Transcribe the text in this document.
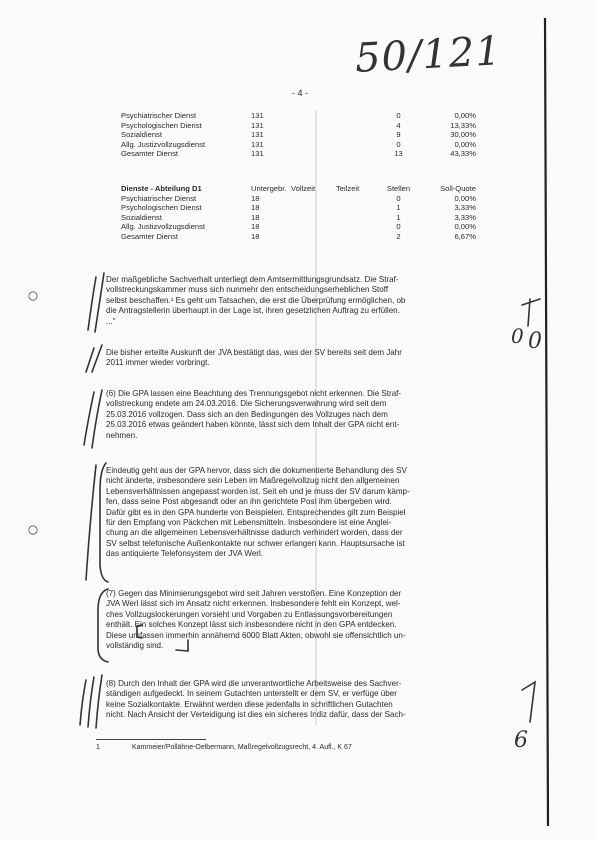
50/121
- 4 -
Psychiatrischer Dienst	131			0	0,00%
Psychologischen Dienst	131			4	13,33%
Sozialdienst	131			9	30,00%
Allg. Justizvollzugsdienst	131			0	0,00%
Gesamter Dienst	131			13	43,33%
Dienste - Abteilung D1	Untergebr.	Vollzeit	Teilzeit	Stellen	Soll-Quote
Psychiatrischer Dienst	18			0	0,00%
Psychologischen Dienst	18			1	3,33%
Sozialdienst	18			1	3,33%
Allg. Justizvollzugsdienst	18			0	0,00%
Gesamter Dienst	18			2	6,67%
Der maßgebliche Sachverhalt unterliegt dem Amtsermittlungsgrundsatz. Die Straf-
vollstreckungskammer muss sich nunmehr den entscheidungserheblichen Stoff
selbst beschaffen.¹ Es geht um Tatsachen, die erst die Überprüfung ermöglichen, ob
die Antragstellerin überhaupt in der Lage ist, ihren gesetzlichen Auftrag zu erfüllen.
..."
Die bisher erteilte Auskunft der JVA bestätigt das, was der SV bereits seit dem Jahr
2011 immer wieder vorbringt.
(6) Die GPA lassen eine Beachtung des Trennungsgebot nicht erkennen. Die Straf-
vollstreckung endete am 24.03.2016. Die Sicherungsverwahrung wird seit dem
25.03.2016 vollzogen. Dass sich an den Bedingungen des Vollzuges nach dem
25.03.2016 etwas geändert haben könnte, lässt sich dem Inhalt der GPA nicht ent-
nehmen.
Eindeutig geht aus der GPA hervor, dass sich die dokumentierte Behandlung des SV
nicht änderte, insbesondere sein Leben im Maßregelvollzug nicht den allgemeinen
Lebensverhältnissen angepasst worden ist. Seit eh und je muss der SV darum kämp-
fen, dass seine Post abgesandt oder an ihn gerichtete Post ihm übergeben wird.
Dafür gibt es in den GPA hunderte von Beispielen. Entsprechendes gilt zum Beispiel
für den Empfang von Päckchen mit Lebensmitteln. Insbesondere ist eine Anglei-
chung an die allgemeinen Lebensverhältnisse dadurch verhindert worden, dass der
SV selbst telefonische Außenkontakte nur schwer erlangen kann. Hauptsursache ist
das antiquierte Telefonsystem der JVA Werl.
(7) Gegen das Minimierungsgebot wird seit Jahren verstoßen. Eine Konzeption der
JVA Werl lässt sich im Ansatz nicht erkennen. Insbesondere fehlt ein Konzept, wel-
ches Vollzugslockerungen vorsieht und Vorgaben zu Entlassungsvorbereitungen
enthält. Ein solches Konzept lässt sich insbesondere nicht in den GPA entdecken.
Diese umfassen immerhin annähernd 6000 Blatt Akten, obwohl sie offensichtlich un-
vollständig sind.
(8) Durch den Inhalt der GPA wird die unverantwortliche Arbeitsweise des Sachver-
ständigen aufgedeckt. In seinem Gutachten unterstellt er dem SV, er verfüge über
keine Sozialkontakte. Erwähnt werden diese jedenfalls in schriftlichen Gutachten
nicht. Nach Ansicht der Verteidigung ist dies ein sicheres Indiz dafür, dass der Sach-
1	Kammeier/Pollähne-Oelbermann, Maßregelvollzugsrecht, 4. Aufl., K 67
0 0
6
